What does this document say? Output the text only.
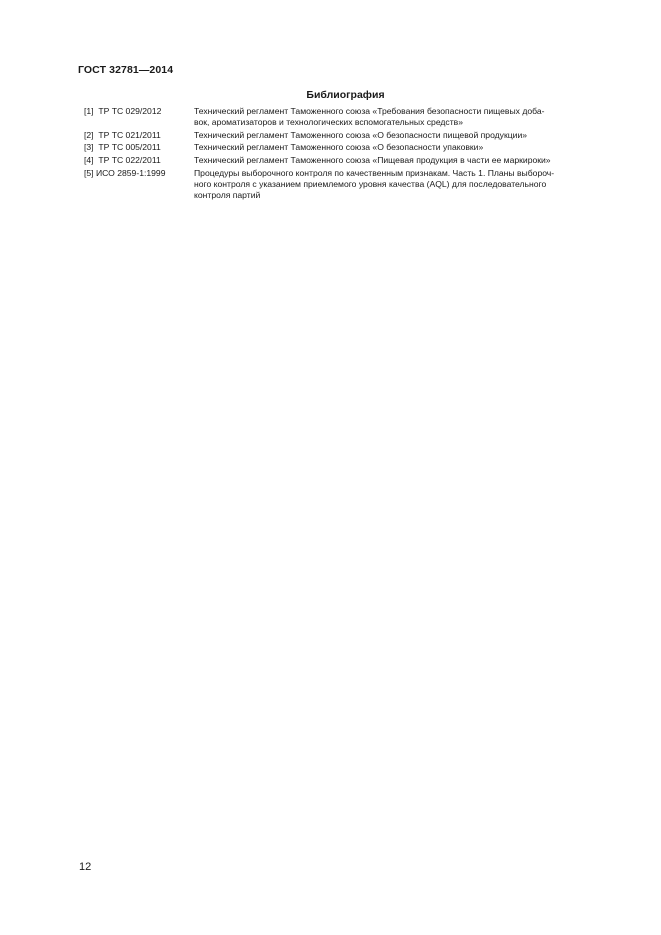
ГОСТ 32781—2014
Библиография
[1]  ТР ТС 029/2012	Технический регламент Таможенного союза «Требования безопасности пищевых доба-
вок, ароматизаторов и технологических вспомогательных средств»
[2]  ТР ТС 021/2011	Технический регламент Таможенного союза «О безопасности пищевой продукции»
[3]  ТР ТС 005/2011	Технический регламент Таможенного союза «О безопасности упаковки»
[4]  ТР ТС 022/2011	Технический регламент Таможенного союза «Пищевая продукция в части ее маркироки»
[5] ИСО 2859-1:1999	Процедуры выборочного контроля по качественным признакам. Часть 1. Планы выбороч-
ного контроля с указанием приемлемого уровня качества (AQL) для последовательного
контроля партий
12
